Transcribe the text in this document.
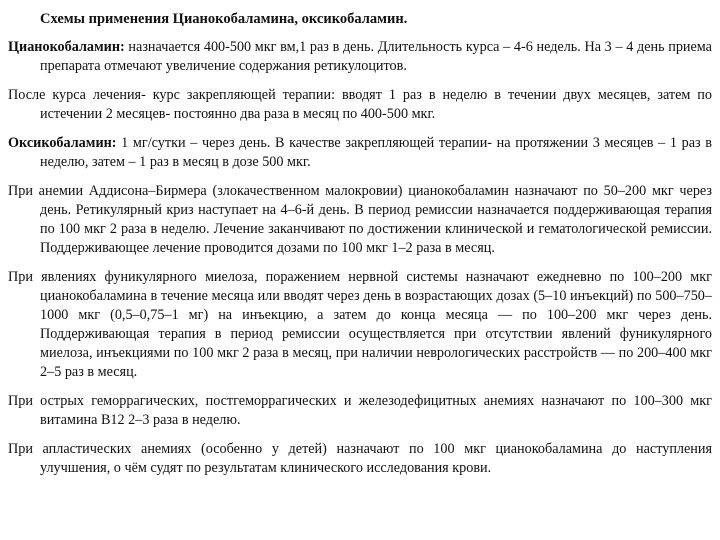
Схемы применения Цианокобаламина, оксикобаламин.

Цианокобаламин: назначается 400-500 мкг вм,1 раз в день. Длительность курса – 4-6 недель. На 3 – 4 день приема препарата отмечают увеличение содержания ретикулоцитов.

После курса лечения- курс закрепляющей терапии: вводят 1 раз в неделю в течении двух месяцев, затем по истечении 2 месяцев- постоянно два раза в месяц по 400-500 мкг.

Оксикобаламин: 1 мг/сутки – через день. В качестве закрепляющей терапии- на протяжении 3 месяцев – 1 раз в неделю, затем – 1 раз в месяц в дозе 500 мкг.

При анемии Аддисона–Бирмера (злокачественном малокровии) цианокобаламин назначают по 50–200 мкг через день. Ретикулярный криз наступает на 4–6-й день. В период ремиссии назначается поддерживающая терапия по 100 мкг 2 раза в неделю. Лечение заканчивают по достижении клинической и гематологической ремиссии. Поддерживающее лечение проводится дозами по 100 мкг 1–2 раза в месяц.

При явлениях фуникулярного миелоза, поражением нервной системы назначают ежедневно по 100–200 мкг цианокобаламина в течение месяца или вводят через день в возрастающих дозах (5–10 инъекций) по 500–750–1000 мкг (0,5–0,75–1 мг) на инъекцию, а затем до конца месяца — по 100–200 мкг через день. Поддерживающая терапия в период ремиссии осуществляется при отсутствии явлений фуникулярного миелоза, инъекциями по 100 мкг 2 раза в месяц, при наличии неврологических расстройств — по 200–400 мкг 2–5 раз в месяц.

При острых геморрагических, постгеморрагических и железодефицитных анемиях назначают по 100–300 мкг витамина В12 2–3 раза в неделю.

При апластических анемиях (особенно у детей) назначают по 100 мкг цианокобаламина до наступления улучшения, о чём судят по результатам клинического исследования крови.
